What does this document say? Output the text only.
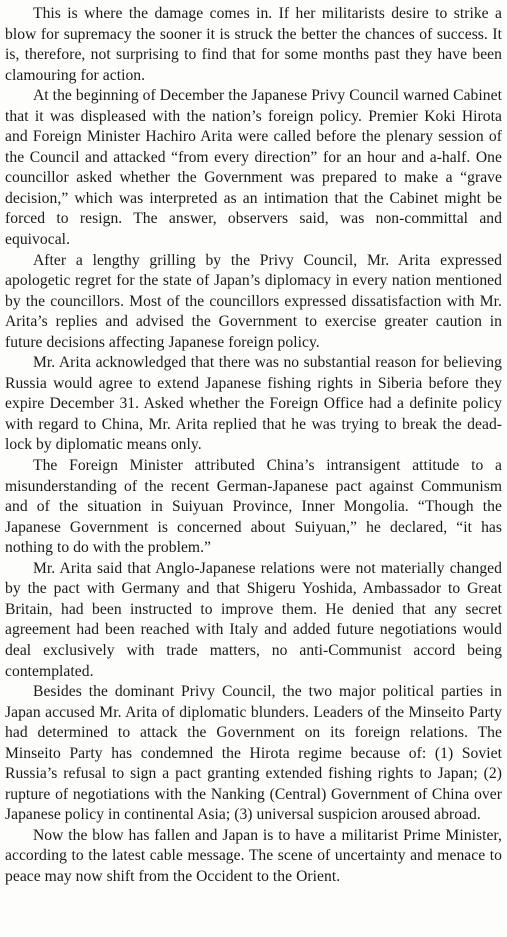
This is where the damage comes in. If her militarists desire to strike a blow for supremacy the sooner it is struck the better the chances of success. It is, therefore, not surprising to find that for some months past they have been clamouring for action.

At the beginning of December the Japanese Privy Council warned Cabinet that it was displeased with the nation’s foreign policy. Premier Koki Hirota and Foreign Minister Hachiro Arita were called before the plenary session of the Council and attacked “from every direction” for an hour and a-half. One councillor asked whether the Government was prepared to make a “grave decision,” which was interpreted as an intimation that the Cabinet might be forced to resign. The answer, observers said, was non-committal and equivocal.

After a lengthy grilling by the Privy Council, Mr. Arita expressed apologetic regret for the state of Japan’s diplomacy in every nation mentioned by the councillors. Most of the councillors expressed dissatisfaction with Mr. Arita’s replies and advised the Government to exercise greater caution in future decisions affecting Japanese foreign policy.

Mr. Arita acknowledged that there was no substantial reason for believing Russia would agree to extend Japanese fishing rights in Siberia before they expire December 31. Asked whether the Foreign Office had a definite policy with regard to China, Mr. Arita replied that he was trying to break the deadlock by diplomatic means only.

The Foreign Minister attributed China’s intransigent attitude to a misunderstanding of the recent German-Japanese pact against Communism and of the situation in Suiyuan Province, Inner Mongolia. “Though the Japanese Government is concerned about Suiyuan,” he declared, “it has nothing to do with the problem.”

Mr. Arita said that Anglo-Japanese relations were not materially changed by the pact with Germany and that Shigeru Yoshida, Ambassador to Great Britain, had been instructed to improve them. He denied that any secret agreement had been reached with Italy and added future negotiations would deal exclusively with trade matters, no anti-Communist accord being contemplated.

Besides the dominant Privy Council, the two major political parties in Japan accused Mr. Arita of diplomatic blunders. Leaders of the Minseito Party had determined to attack the Government on its foreign relations. The Minseito Party has condemned the Hirota regime because of: (1) Soviet Russia’s refusal to sign a pact granting extended fishing rights to Japan; (2) rupture of negotiations with the Nanking (Central) Government of China over Japanese policy in continental Asia; (3) universal suspicion aroused abroad.

Now the blow has fallen and Japan is to have a militarist Prime Minister, according to the latest cable message. The scene of uncertainty and menace to peace may now shift from the Occident to the Orient.
